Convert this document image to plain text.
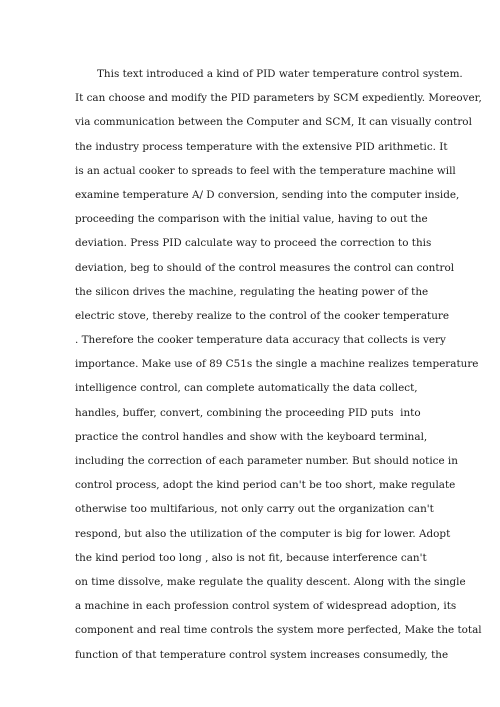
This text introduced a kind of PID water temperature control system.
It can choose and modify the PID parameters by SCM expediently. Moreover,
via communication between the Computer and SCM, It can visually control
the industry process temperature with the extensive PID arithmetic. It
is an actual cooker to spreads to feel with the temperature machine will
examine temperature A/ D conversion, sending into the computer inside,
proceeding the comparison with the initial value, having to out the
deviation. Press PID calculate way to proceed the correction to this
deviation, beg to should of the control measures the control can control
the silicon drives the machine, regulating the heating power of the
electric stove, thereby realize to the control of the cooker temperature
. Therefore the cooker temperature data accuracy that collects is very
importance. Make use of 89 C51s the single a machine realizes temperature
intelligence control, can complete automatically the data collect,
handles, buffer, convert, combining the proceeding PID puts  into
practice the control handles and show with the keyboard terminal,
including the correction of each parameter number. But should notice in
control process, adopt the kind period can't be too short, make regulate
otherwise too multifarious, not only carry out the organization can't
respond, but also the utilization of the computer is big for lower. Adopt
the kind period too long , also is not fit, because interference can't
on time dissolve, make regulate the quality descent. Along with the single
a machine in each profession control system of widespread adoption, its
component and real time controls the system more perfected, Make the total
function of that temperature control system increases consumedly, the
